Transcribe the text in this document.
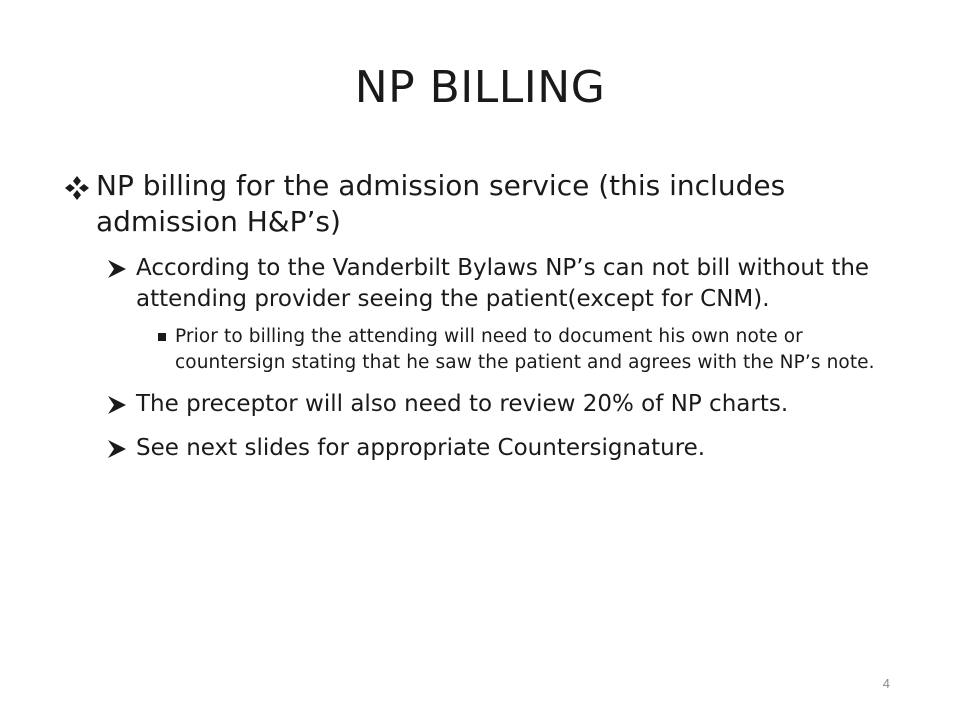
NP BILLING

NP billing for the admission service (this includes admission H&P’s)

According to the Vanderbilt Bylaws NP’s can not bill without the attending provider seeing the patient(except for CNM).

Prior to billing the attending will need to document his own note or countersign stating that he saw the patient and agrees with the NP’s note.

The preceptor will also need to review 20% of NP charts.

See next slides for appropriate Countersignature.

4
